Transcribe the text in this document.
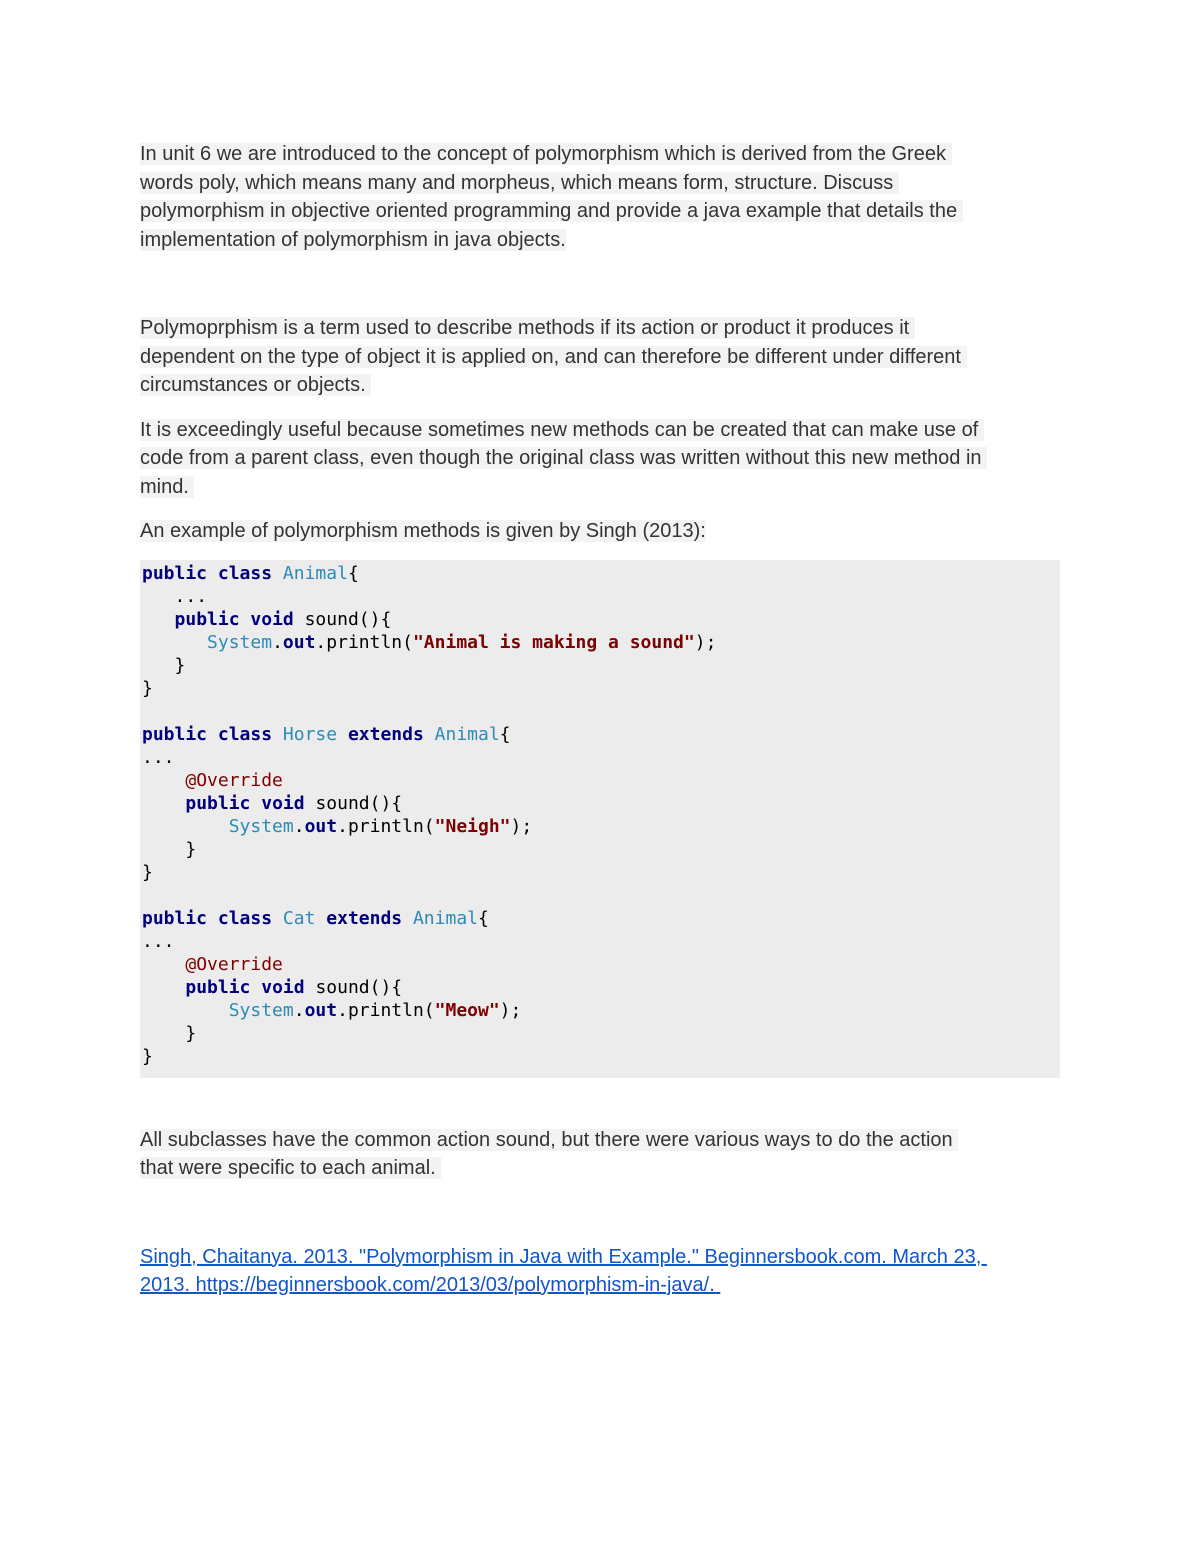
In unit 6 we are introduced to the concept of polymorphism which is derived from the Greek
words poly, which means many and morpheus, which means form, structure. Discuss
polymorphism in objective oriented programming and provide a java example that details the
implementation of polymorphism in java objects.

Polymoprphism is a term used to describe methods if its action or product it produces it
dependent on the type of object it is applied on, and can therefore be different under different
circumstances or objects.

It is exceedingly useful because sometimes new methods can be created that can make use of
code from a parent class, even though the original class was written without this new method in
mind.

An example of polymorphism methods is given by Singh (2013):

public class Animal{
...
public void sound(){
System.out.println("Animal is making a sound");
}
}
public class Horse extends Animal{
...
@Override
public void sound(){
System.out.println("Neigh");
}
}
public class Cat extends Animal{
...
@Override
public void sound(){
System.out.println("Meow");
}
}

All subclasses have the common action sound, but there were various ways to do the action
that were specific to each animal.

Singh, Chaitanya. 2013. "Polymorphism in Java with Example." Beginnersbook.com. March 23,
2013. https://beginnersbook.com/2013/03/polymorphism-in-java/.
